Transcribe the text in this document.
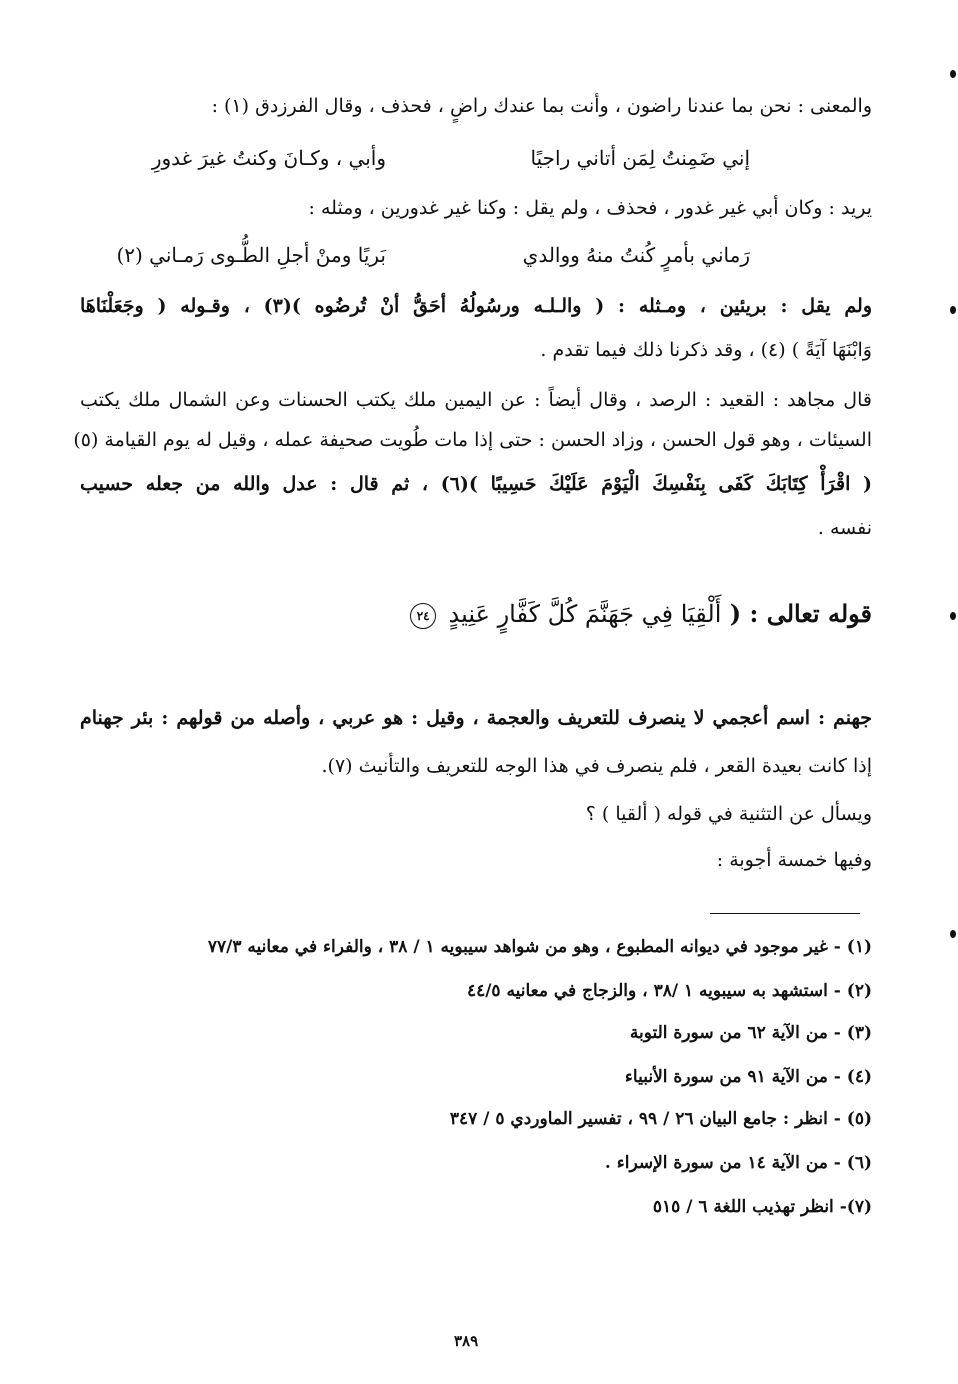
والمعنى : نحن بما عندنا راضون ، وأنت بما عندك راضٍ ، فحذف ، وقال الفرزدق (١) :
إني ضَمِنتُ لِمَن أتاني راجيًا
وأبي ، وكـانَ وكنتُ غيرَ غدورِ
يريد : وكان أبي غير غدور ، فحذف ، ولم يقل : وكنا غير غدورين ، ومثله :
رَماني بأمرٍ كُنتُ منهُ ووالدي
بَريًا ومنْ أجلِ الطُّـوى رَمـاني (٢)
ولم يقل : بريئين ، ومـثله : ( والـلـه ورسُولُهُ أحَقُّ أنْ تُرضُوه )(٣) ، وقـوله ( وجَعَلْنَاهَا
وَابْنَهَا آيَةً ) (٤) ، وقد ذكرنا ذلك فيما تقدم .
قال مجاهد : القعيد : الرصد ، وقال أيضاً : عن اليمين ملك يكتب الحسنات وعن الشمال ملك يكتب
السيئات ، وهو قول الحسن ، وزاد الحسن : حتى إذا مات طُويت صحيفة عمله ، وقيل له يوم القيامة (٥)
( اقْرَأْ كِتَابَكَ كَفَى بِنَفْسِكَ الْيَوْمَ عَلَيْكَ حَسِيبًا )(٦) ، ثم قال : عدل والله من جعله حسيب
نفسه .
قوله تعالى : ( أَلْقِيَا فِي جَهَنَّمَ كُلَّ كَفَّارٍ عَنِيدٍ ٢٤
جهنم : اسم أعجمي لا ينصرف للتعريف والعجمة ، وقيل : هو عربي ، وأصله من قولهم : بئر جهنام
إذا كانت بعيدة القعر ، فلم ينصرف في هذا الوجه للتعريف والتأنيث (٧).
ويسأل عن التثنية في قوله ( ألقيا ) ؟
وفيها خمسة أجوبة :
(١) - غير موجود في ديوانه المطبوع ، وهو من شواهد سيبويه ١ / ٣٨ ، والفراء في معانيه ٧٧/٣
(٢) - استشهد به سيبويه ١ /٣٨ ، والزجاج في معانيه ٤٤/٥
(٣) - من الآية ٦٢ من سورة التوبة
(٤) - من الآية ٩١ من سورة الأنبياء
(٥) - انظر : جامع البيان ٢٦ / ٩٩ ، تفسير الماوردي ٥ / ٣٤٧
(٦) - من الآية ١٤ من سورة الإسراء .
(٧)- انظر تهذيب اللغة ٦ / ٥١٥
٣٨٩
